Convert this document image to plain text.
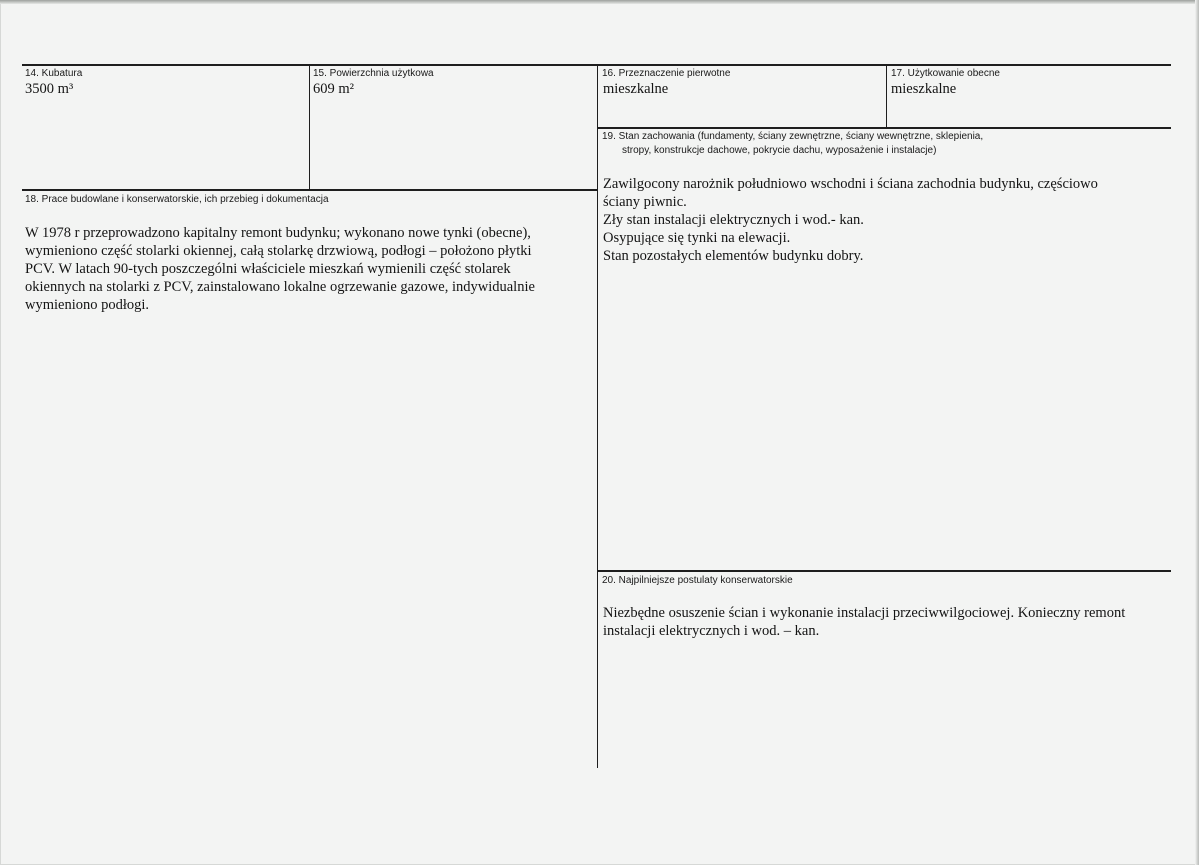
14. Kubatura
3500 m³
15. Powierzchnia użytkowa
609 m²
16. Przeznaczenie pierwotne
mieszkalne
17. Użytkowanie obecne
mieszkalne
19. Stan zachowania (fundamenty, ściany zewnętrzne, ściany wewnętrzne, sklepienia,
stropy, konstrukcje dachowe, pokrycie dachu, wyposażenie i instalacje)
Zawilgocony narożnik południowo wschodni i ściana zachodnia budynku, częściowo
ściany piwnic.
Zły stan instalacji elektrycznych i wod.- kan.
Osypujące się tynki na elewacji.
Stan pozostałych elementów budynku dobry.
18. Prace budowlane i konserwatorskie, ich przebieg i dokumentacja
W 1978 r przeprowadzono kapitalny remont budynku; wykonano nowe tynki (obecne),
wymieniono część stolarki okiennej, całą stolarkę drzwiową, podłogi – położono płytki
PCV. W latach 90-tych poszczególni właściciele mieszkań wymienili część stolarek
okiennych na stolarki z PCV, zainstalowano lokalne ogrzewanie gazowe, indywidualnie
wymieniono podłogi.
20. Najpilniejsze postulaty konserwatorskie
Niezbędne osuszenie ścian i wykonanie instalacji przeciwwilgociowej. Konieczny remont
instalacji elektrycznych i wod. – kan.
